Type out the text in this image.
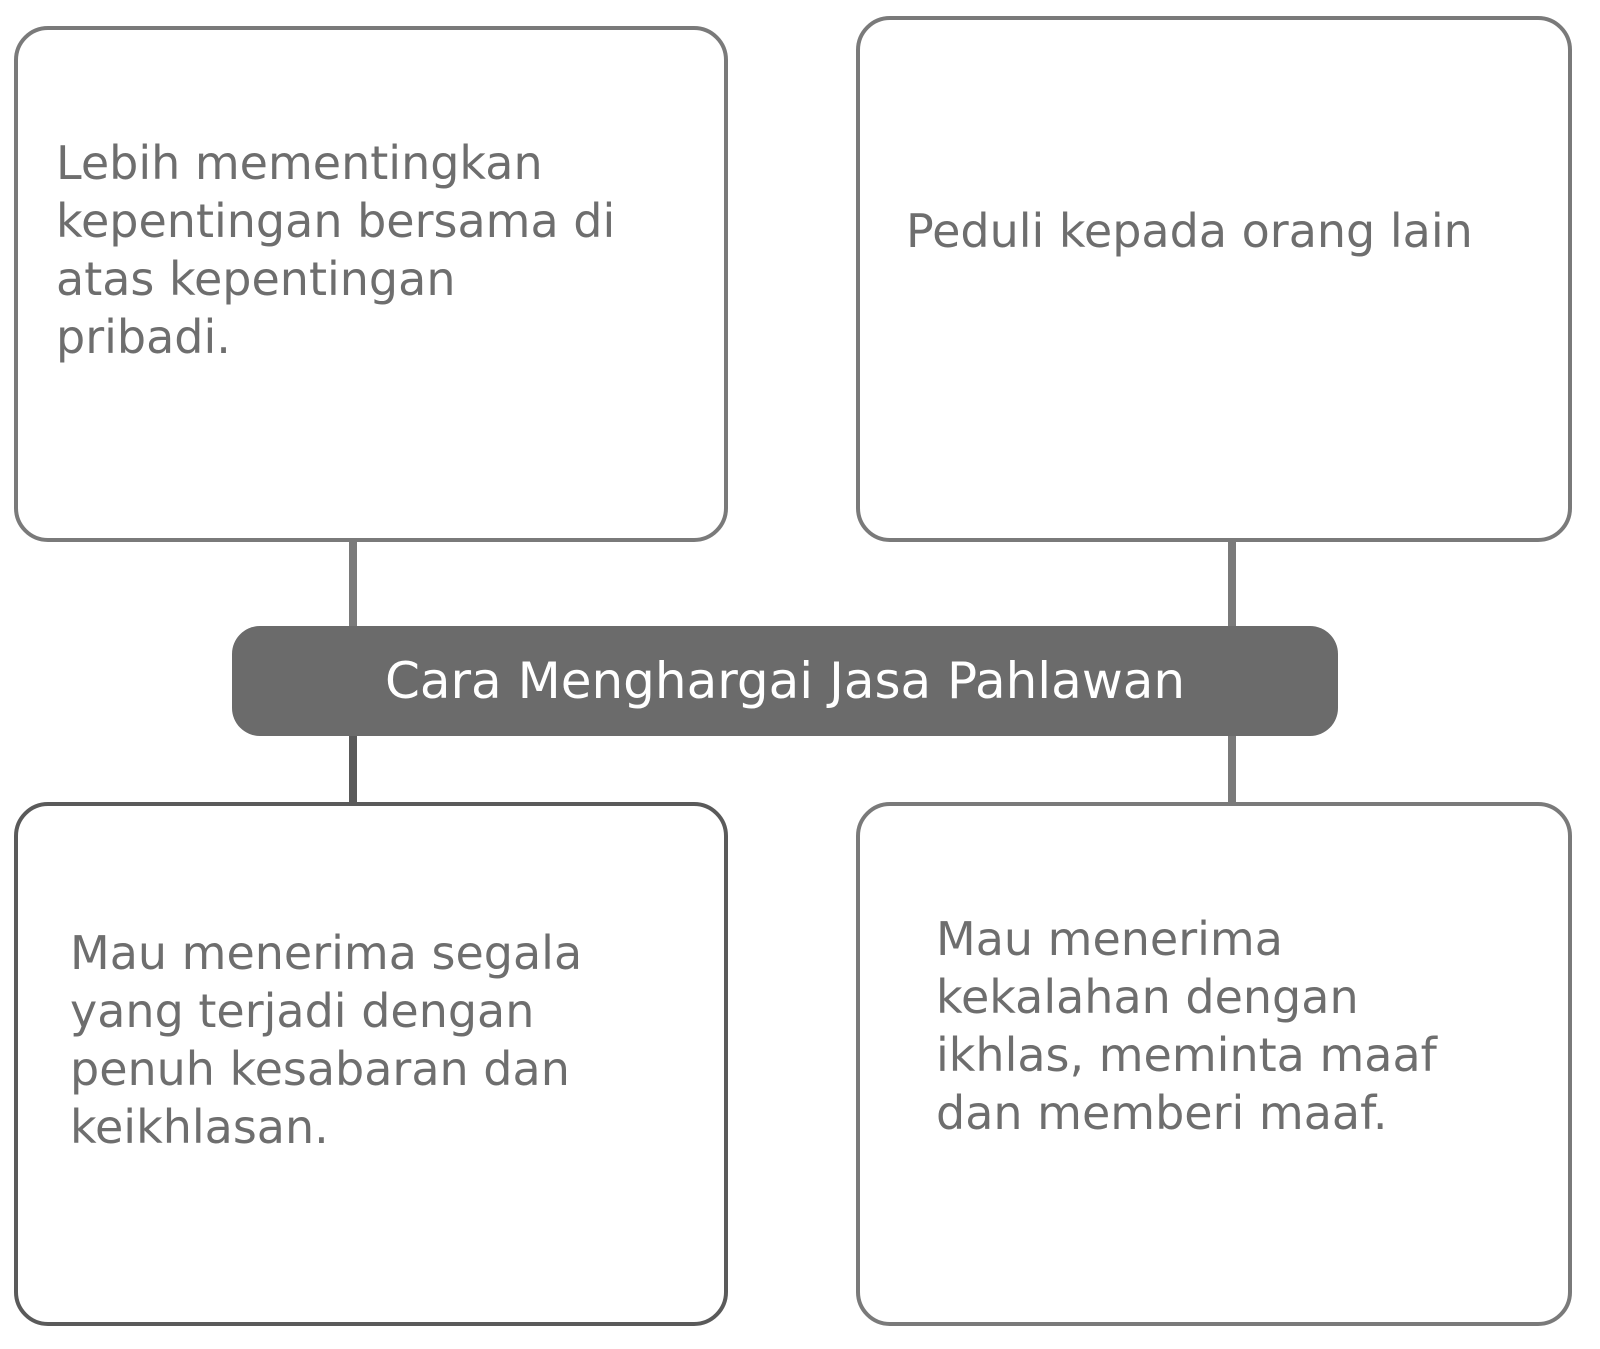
Lebih mementingkan
kepentingan bersama di
atas kepentingan
pribadi.

Peduli kepada orang lain

Cara Menghargai Jasa Pahlawan

Mau menerima segala
yang terjadi dengan
penuh kesabaran dan
keikhlasan.

Mau menerima
kekalahan dengan
ikhlas, meminta maaf
dan memberi maaf.
